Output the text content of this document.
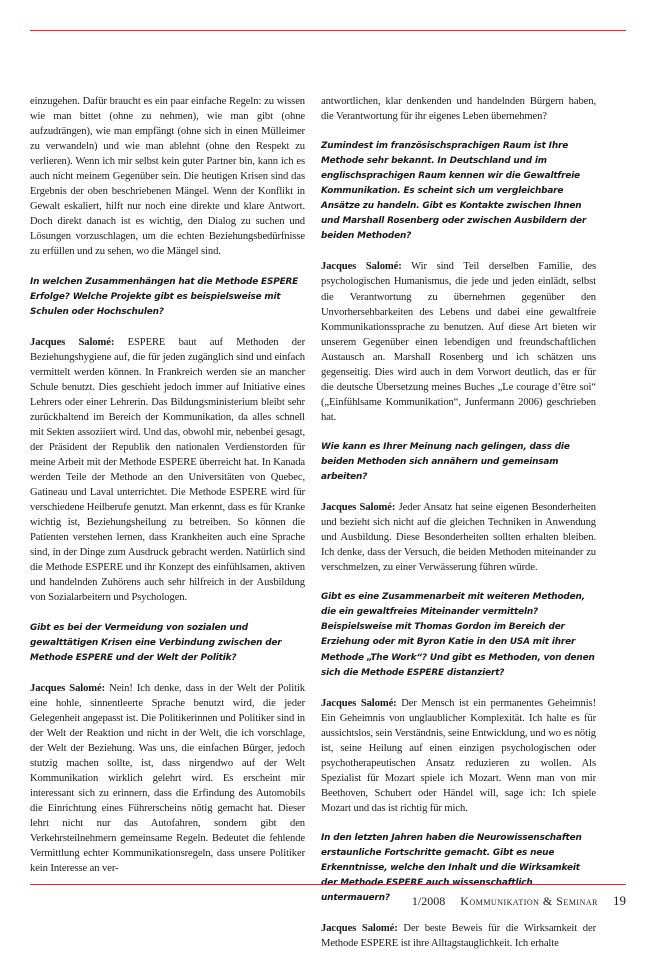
einzugehen. Dafür braucht es ein paar einfache Regeln: zu wissen wie man bittet (ohne zu nehmen), wie man gibt (ohne aufzudrängen), wie man empfängt (ohne sich in einen Mülleimer zu verwandeln) und wie man ablehnt (ohne den Respekt zu verlieren). Wenn ich mir selbst kein guter Partner bin, kann ich es auch nicht meinem Gegenüber sein. Die heutigen Krisen sind das Ergebnis der oben beschriebenen Mängel. Wenn der Konflikt in Gewalt eskaliert, hilft nur noch eine direkte und klare Antwort. Doch direkt danach ist es wichtig, den Dialog zu suchen und Lösungen vorzuschlagen, um die echten Beziehungsbedürfnisse zu erfüllen und zu sehen, wo die Mängel sind.

In welchen Zusammenhängen hat die Methode ESPERE Erfolge? Welche Projekte gibt es beispielsweise mit Schulen oder Hochschulen?

Jacques Salomé: ESPERE baut auf Methoden der Beziehungshygiene auf, die für jeden zugänglich sind und einfach vermittelt werden können. In Frankreich werden sie an mancher Schule benutzt. Dies geschieht jedoch immer auf Initiative eines Lehrers oder einer Lehrerin. Das Bildungsministerium bleibt sehr zurückhaltend im Bereich der Kommunikation, da alles schnell mit Sekten assoziiert wird. Und das, obwohl mir, nebenbei gesagt, der Präsident der Republik den nationalen Verdienstorden für meine Arbeit mit der Methode ESPERE überreicht hat. In Kanada werden Teile der Methode an den Universitäten von Quebec, Gatineau und Laval unterrichtet. Die Methode ESPERE wird für verschiedene Heilberufe genutzt. Man erkennt, dass es für Kranke wichtig ist, Beziehungsheilung zu betreiben. So können die Patienten verstehen lernen, dass Krankheiten auch eine Sprache sind, in der Dinge zum Ausdruck gebracht werden. Natürlich sind die Methode ESPERE und ihr Konzept des einfühlsamen, aktiven und handelnden Zuhörens auch sehr hilfreich in der Ausbildung von Sozialarbeitern und Psychologen.

Gibt es bei der Vermeidung von sozialen und gewalttätigen Krisen eine Verbindung zwischen der Methode ESPERE und der Welt der Politik?

Jacques Salomé: Nein! Ich denke, dass in der Welt der Politik eine hohle, sinnentleerte Sprache benutzt wird, die jeder Gelegenheit angepasst ist. Die Politikerinnen und Politiker sind in der Welt der Reaktion und nicht in der Welt, die ich vorschlage, der Welt der Beziehung. Was uns, die einfachen Bürger, jedoch stutzig machen sollte, ist, dass nirgendwo auf der Welt Kommunikation wirklich gelehrt wird. Es erscheint mir interessant sich zu erinnern, dass die Erfindung des Automobils die Einrichtung eines Führerscheins nötig gemacht hat. Dieser lehrt nicht nur das Autofahren, sondern gibt den Verkehrsteilnehmern gemeinsame Regeln. Bedeutet die fehlende Vermittlung echter Kommunikationsregeln, dass unsere Politiker kein Interesse an ver-

antwortlichen, klar denkenden und handelnden Bürgern haben, die Verantwortung für ihr eigenes Leben übernehmen?

Zumindest im französischsprachigen Raum ist Ihre Methode sehr bekannt. In Deutschland und im englischsprachigen Raum kennen wir die Gewaltfreie Kommunikation. Es scheint sich um vergleichbare Ansätze zu handeln. Gibt es Kontakte zwischen Ihnen und Marshall Rosenberg oder zwischen Ausbildern der beiden Methoden?

Jacques Salomé: Wir sind Teil derselben Familie, des psychologischen Humanismus, die jede und jeden einlädt, selbst die Verantwortung zu übernehmen gegenüber den Unvorhersehbarkeiten des Lebens und dabei eine gewaltfreie Kommunikationssprache zu benutzen. Auf diese Art bieten wir unserem Gegenüber einen lebendigen und freundschaftlichen Austausch an. Marshall Rosenberg und ich schätzen uns gegenseitig. Dies wird auch in dem Vorwort deutlich, das er für die deutsche Übersetzung meines Buches „Le courage d’être soi“ („Einfühlsame Kommunikation“, Junfermann 2006) geschrieben hat.

Wie kann es Ihrer Meinung nach gelingen, dass die beiden Methoden sich annähern und gemeinsam arbeiten?

Jacques Salomé: Jeder Ansatz hat seine eigenen Besonderheiten und bezieht sich nicht auf die gleichen Techniken in Anwendung und Ausbildung. Diese Besonderheiten sollten erhalten bleiben. Ich denke, dass der Versuch, die beiden Methoden miteinander zu verschmelzen, zu einer Verwässerung führen würde.

Gibt es eine Zusammenarbeit mit weiteren Methoden, die ein gewaltfreies Miteinander vermitteln? Beispielsweise mit Thomas Gordon im Bereich der Erziehung oder mit Byron Katie in den USA mit ihrer Methode „The Work“? Und gibt es Methoden, von denen sich die Methode ESPERE distanziert?

Jacques Salomé: Der Mensch ist ein permanentes Geheimnis! Ein Geheimnis von unglaublicher Komplexität. Ich halte es für aussichtslos, sein Verständnis, seine Entwicklung, und wo es nötig ist, seine Heilung auf einen einzigen psychologischen oder psychotherapeutischen Ansatz reduzieren zu wollen. Als Spezialist für Mozart spiele ich Mozart. Wenn man von mir Beethoven, Schubert oder Händel will, sage ich: Ich spiele Mozart und das ist richtig für mich.

In den letzten Jahren haben die Neurowissenschaften erstaunliche Fortschritte gemacht. Gibt es neue Erkenntnisse, welche den Inhalt und die Wirksamkeit untermauern?

Jacques Salomé: Der beste Beweis für die Wirksamkeit der Methode ESPERE ist ihre Alltagstauglichkeit. Ich erhalte

1/2008 Kommunikation & Seminar 19
